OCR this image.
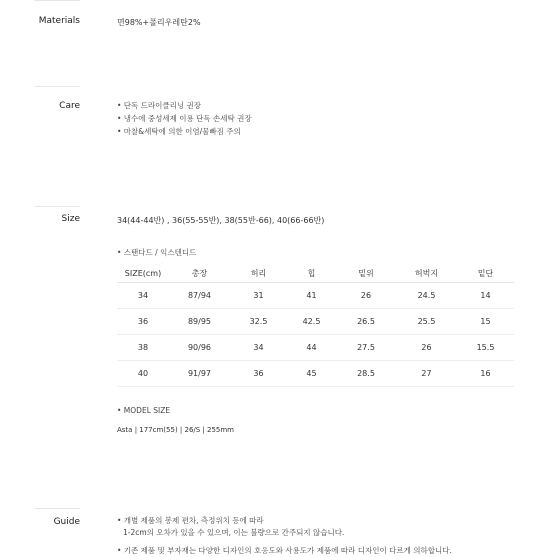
Materials	면98%+폴리우레탄2%
Care	• 단독 드라이클리닝 권장
• 냉수에 중성세제 이용 단독 손세탁 권장
• 마찰&세탁에 의한 이염/물빠짐 주의
Size	34(44-44반) , 36(55-55반), 38(55반-66), 40(66-66반)
• 스탠다드 / 익스텐디드
SIZE(cm)	총장	허리	힙	밑위	허벅지	밑단
34	87/94	31	41	26	24.5	14
36	89/95	32.5	42.5	26.5	25.5	15
38	90/96	34	44	27.5	26	15.5
40	91/97	36	45	28.5	27	16
• MODEL SIZE
Asta | 177cm(55) | 26/S | 255mm
Guide	• 개별 제품의 봉제 편차, 측정위치 등에 따라
1-2cm의 오차가 있을 수 있으며, 이는 불량으로 간주되지 않습니다.
• 기존 제품 및 부자재는 다양한 디자인의 호응도와 사용도가 제품에 따라 디자인이 다르게 의하합니다.
